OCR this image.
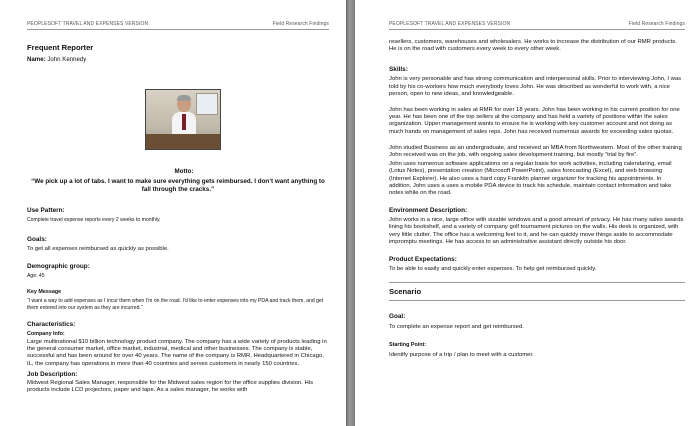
PEOPLESOFT TRAVEL AND EXPENSES VERSION	Field Research Findings
Frequent Reporter
Name: John Kennedy
Motto:
“We pick up a lot of tabs. I want to make sure everything gets reimbursed. I don’t want anything to fall through the cracks.”
Use Pattern:

Complete travel expense reports every 2 weeks to monthly.

Goals:

To get all expenses reimbursed as quickly as possible.

Demographic group:

Age: 45

Key Message

“I want a way to add expenses as I incur them when I’m on the road. I’d like to enter expenses into my PDA and track them, and get them entered into our system as they are incurred.”

Characteristics:
Company Info:

Large multinational $10 billion technology product company. The company has a wide variety of products leading in the general consumer market, office market, industrial, medical and other businesses. The company is stable, successful and has been around for over 40 years. The name of the company is RMR. Headquartered in Chicago, IL, the company has operations in more than 40 countries and serves customers in nearly 150 countries.

Job Description:

Midwest Regional Sales Manager, responsible for the Midwest sales region for the office supplies division. His products include LCD projectors, paper and tape. As a sales manager, he works with

PEOPLESOFT TRAVEL AND EXPENSES VERSION	Field Research Findings

resellers, customers, warehouses and wholesalers. He works to increase the distribution of our RMR products. He is on the road with customers every week to every other week.

Skills:

John is very personable and has strong communication and interpersonal skills. Prior to interviewing John, I was told by his co-workers how much everybody loves John. He was described as wonderful to work with, a nice person, open to new ideas, and knowledgeable.

John has been working in sales at RMR for over 18 years. John has been working in his current position for one year. He has been one of the top sellers at the company and has held a variety of positions within the sales organization. Upper management wants to ensure he is working with key customer account and not doing as much hands on management of sales reps. John has received numerous awards for exceeding sales quotas.

John studied Business as an undergraduate, and received an MBA from Northwestern. Most of the other training John received was on the job, with ongoing sales development training, but mostly “trial by fire”.

John uses numerous software applications on a regular basis for work activities, including calendaring, email (Lotus Notes), presentation creation (Microsoft PowerPoint), sales forecasting (Excel), and web browsing (Internet Explorer). He also uses a hard copy Franklin planner organizer for tracking his appointments. In addition, John uses a uses a mobile PDA device to track his schedule, maintain contact information and take notes while on the road.

Environment Description:

John works in a nice, large office with sizable windows and a good amount of privacy. He has many sales awards lining his bookshelf, and a variety of company golf tournament pictures on the walls. His desk is organized, with very little clutter. The office has a welcoming feel to it, and he can quickly move things aside to accommodate impromptu meetings. He has access to an administrative assistant directly outside his door.

Product Expectations:

To be able to easily and quickly enter expenses. To help get reimbursed quickly.

Scenario
Goal:

To complete an expense report and get reimbursed.

Starting Point:

Identify purpose of a trip / plan to meet with a customer.
